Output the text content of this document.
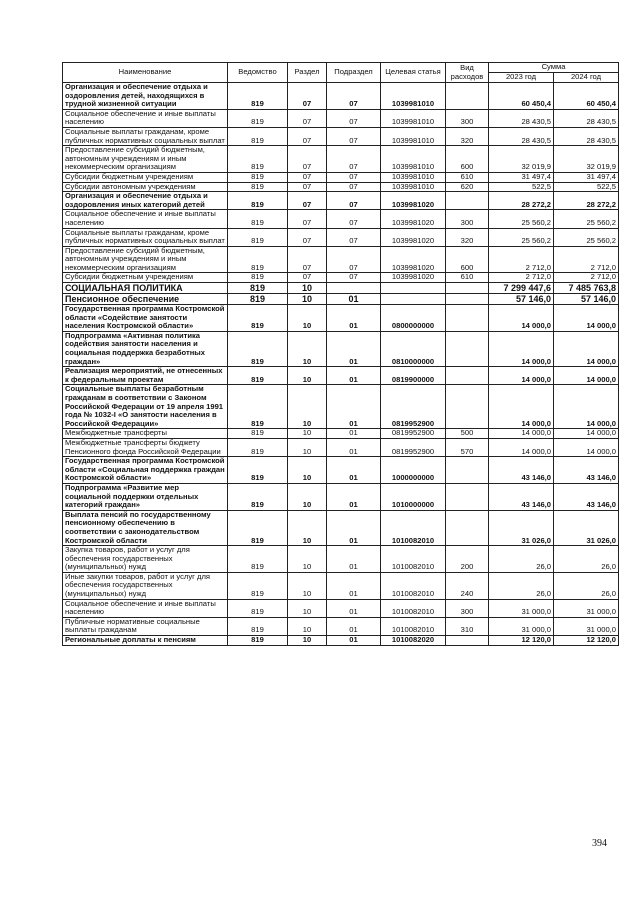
Наименование	Ведомство	Раздел	Подраздел	Целевая статья	Вид расходов	Сумма	
						2023 год	2024 год
Организация и обеспечение отдыха и оздоровления детей, находящихся в трудной жизненной ситуации	819	07	07	1039981010		60 450,4	60 450,4
Социальное обеспечение и иные выплаты населению	819	07	07	1039981010	300	28 430,5	28 430,5
Социальные выплаты гражданам, кроме публичных нормативных социальных выплат	819	07	07	1039981010	320	28 430,5	28 430,5
Предоставление субсидий бюджетным, автономным учреждениям и иным некоммерческим организациям	819	07	07	1039981010	600	32 019,9	32 019,9
Субсидии бюджетным учреждениям	819	07	07	1039981010	610	31 497,4	31 497,4
Субсидии автономным учреждениям	819	07	07	1039981010	620	522,5	522,5
Организация и обеспечение отдыха и оздоровления иных категорий детей	819	07	07	1039981020		28 272,2	28 272,2
Социальное обеспечение и иные выплаты населению	819	07	07	1039981020	300	25 560,2	25 560,2
Социальные выплаты гражданам, кроме публичных нормативных социальных выплат	819	07	07	1039981020	320	25 560,2	25 560,2
Предоставление субсидий бюджетным, автономным учреждениям и иным некоммерческим организациям	819	07	07	1039981020	600	2 712,0	2 712,0
Субсидии бюджетным учреждениям	819	07	07	1039981020	610	2 712,0	2 712,0
СОЦИАЛЬНАЯ ПОЛИТИКА	819	10				7 299 447,6	7 485 763,8
Пенсионное обеспечение	819	10	01			57 146,0	57 146,0
Государственная программа Костромской области «Содействие занятости населения Костромской области»	819	10	01	0800000000		14 000,0	14 000,0
Подпрограмма «Активная политика содействия занятости населения и социальная поддержка безработных граждан»	819	10	01	0810000000		14 000,0	14 000,0
Реализация мероприятий, не отнесенных к федеральным проектам	819	10	01	0819900000		14 000,0	14 000,0
Социальные выплаты безработным гражданам в соответствии с Законом Российской Федерации от 19 апреля 1991 года № 1032-I «О занятости населения в Российской Федерации»	819	10	01	0819952900		14 000,0	14 000,0
Межбюджетные трансферты	819	10	01	0819952900	500	14 000,0	14 000,0
Межбюджетные трансферты бюджету Пенсионного фонда Российской Федерации	819	10	01	0819952900	570	14 000,0	14 000,0
Государственная программа Костромской области «Социальная поддержка граждан Костромской области»	819	10	01	1000000000		43 146,0	43 146,0
Подпрограмма «Развитие мер социальной поддержки отдельных категорий граждан»	819	10	01	1010000000		43 146,0	43 146,0
Выплата пенсий по государственному пенсионному обеспечению в соответствии с законодательством Костромской области	819	10	01	1010082010		31 026,0	31 026,0
Закупка товаров, работ и услуг для обеспечения государственных (муниципальных) нужд	819	10	01	1010082010	200	26,0	26,0
Иные закупки товаров, работ и услуг для обеспечения государственных (муниципальных) нужд	819	10	01	1010082010	240	26,0	26,0
Социальное обеспечение и иные выплаты населению	819	10	01	1010082010	300	31 000,0	31 000,0
Публичные нормативные социальные выплаты гражданам	819	10	01	1010082010	310	31 000,0	31 000,0
Региональные доплаты к пенсиям	819	10	01	1010082020		12 120,0	12 120,0
394
